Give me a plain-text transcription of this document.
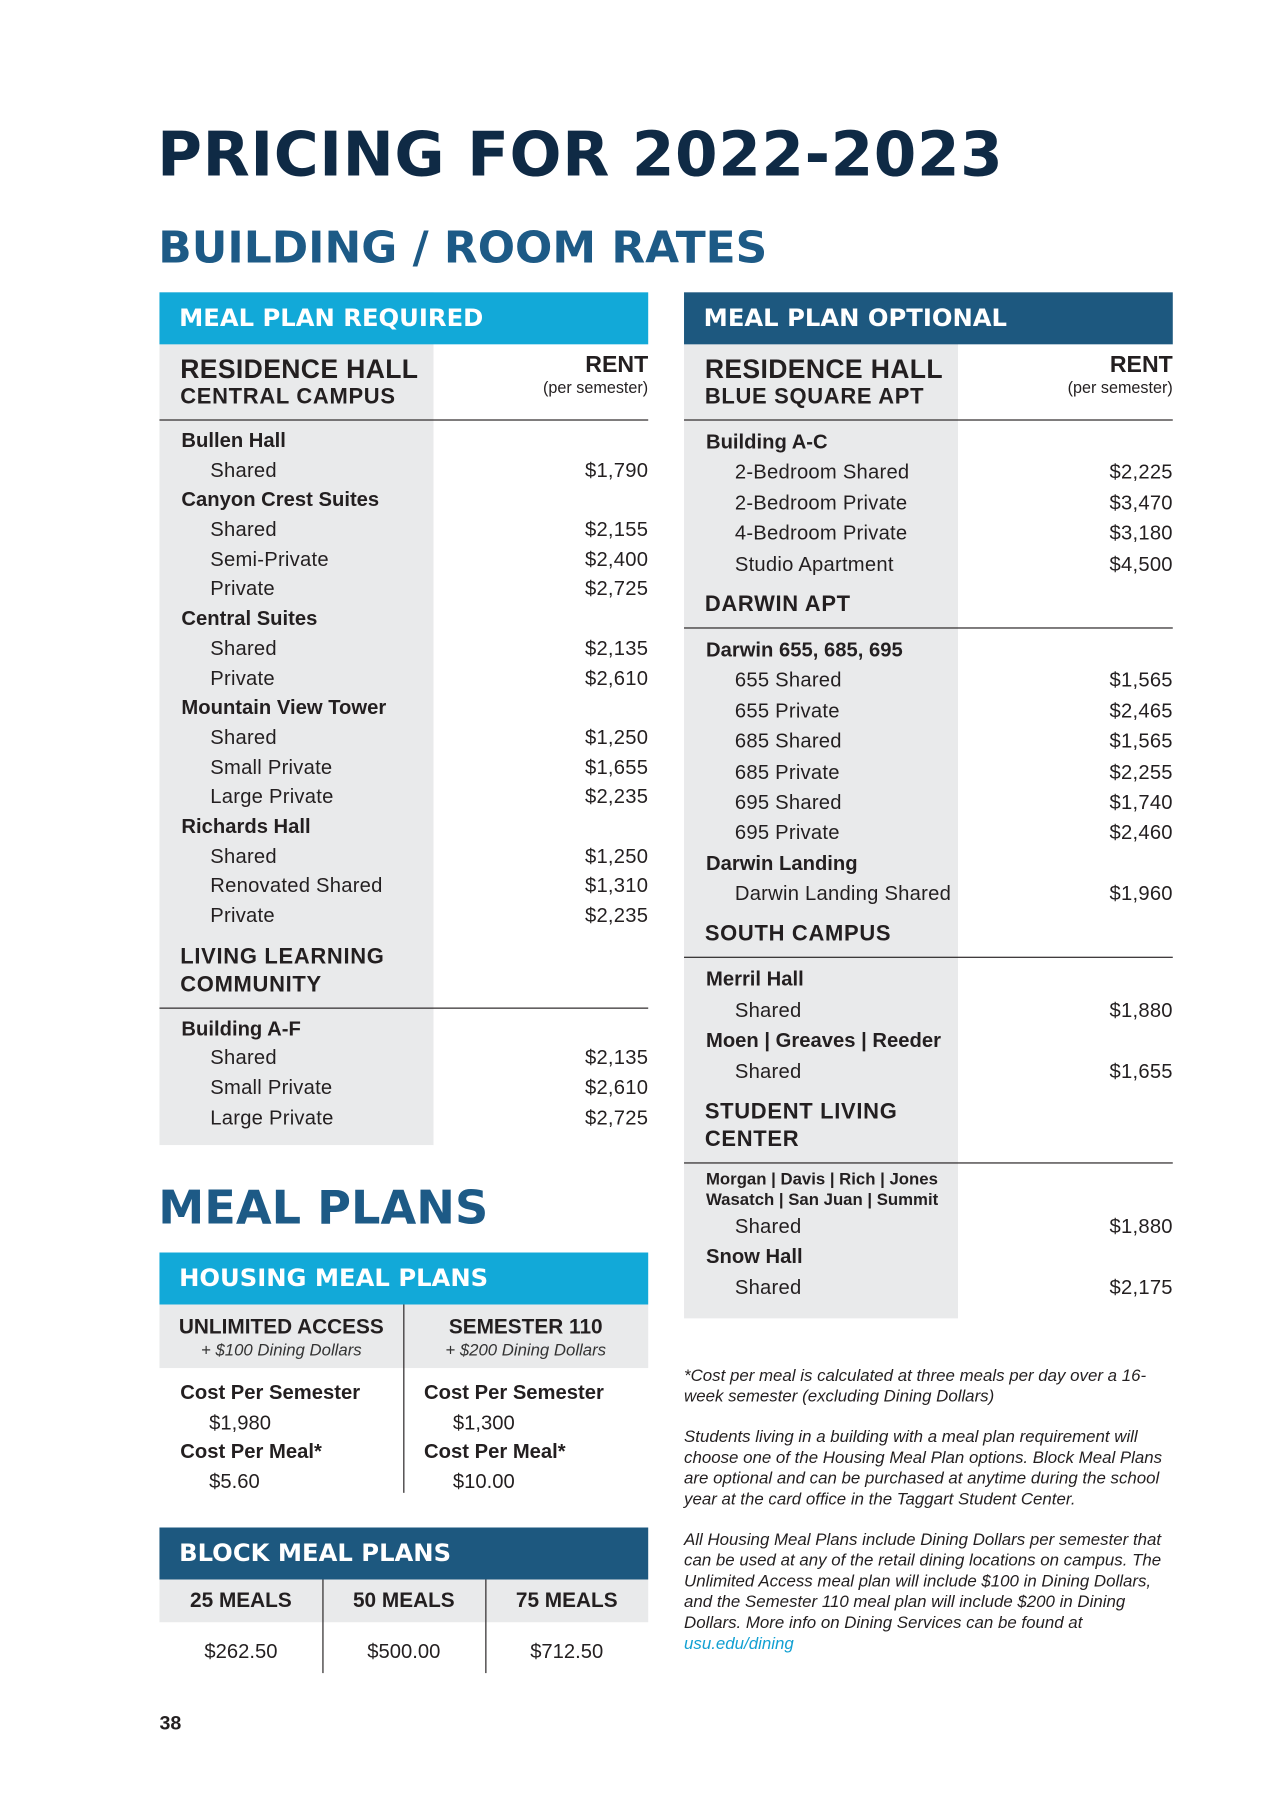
PRICING FOR 2022-2023
BUILDING / ROOM RATES
MEAL PLAN REQUIRED
RESIDENCE HALL	RENT
(per semester)
CENTRAL CAMPUS
Bullen Hall
Shared	$1,790
Canyon Crest Suites
Shared	$2,155
Semi-Private	$2,400
Private	$2,725
Central Suites
Shared	$2,135
Private	$2,610
Mountain View Tower
Shared	$1,250
Small Private	$1,655
Large Private	$2,235
Richards Hall
Shared	$1,250
Renovated Shared	$1,310
Private	$2,235
LIVING LEARNING
COMMUNITY
Building A-F
Shared	$2,135
Small Private	$2,610
Large Private	$2,725
MEAL PLAN OPTIONAL
RESIDENCE HALL	RENT
(per semester)
BLUE SQUARE APT
Building A-C
2-Bedroom Shared	$2,225
2-Bedroom Private	$3,470
4-Bedroom Private	$3,180
Studio Apartment	$4,500
DARWIN APT
Darwin 655, 685, 695
655 Shared	$1,565
655 Private	$2,465
685 Shared	$1,565
685 Private	$2,255
695 Shared	$1,740
695 Private	$2,460
Darwin Landing
Darwin Landing Shared	$1,960
SOUTH CAMPUS
Merril Hall
Shared	$1,880
Moen | Greaves | Reeder
Shared	$1,655
STUDENT LIVING
CENTER
Morgan | Davis | Rich | Jones
Wasatch | San Juan | Summit
Shared	$1,880
Snow Hall
Shared	$2,175
MEAL PLANS
HOUSING MEAL PLANS
UNLIMITED ACCESS
+ $100 Dining Dollars
Cost Per Semester
$1,980
Cost Per Meal*
$5.60
SEMESTER 110
+ $200 Dining Dollars
Cost Per Semester
$1,300
Cost Per Meal*
$10.00
BLOCK MEAL PLANS
25 MEALS
$262.50
50 MEALS
$500.00
75 MEALS
$712.50

*Cost per meal is calculated at three meals per day over a 16-week semester (excluding Dining Dollars)

Students living in a building with a meal plan requirement will choose one of the Housing Meal Plan options. Block Meal Plans are optional and can be purchased at anytime during the school year at the card office in the Taggart Student Center.

All Housing Meal Plans include Dining Dollars per semester that can be used at any of the retail dining locations on campus. The Unlimited Access meal plan will include $100 in Dining Dollars, and the Semester 110 meal plan will include $200 in Dining Dollars. More info on Dining Services can be found at usu.edu/dining

38
